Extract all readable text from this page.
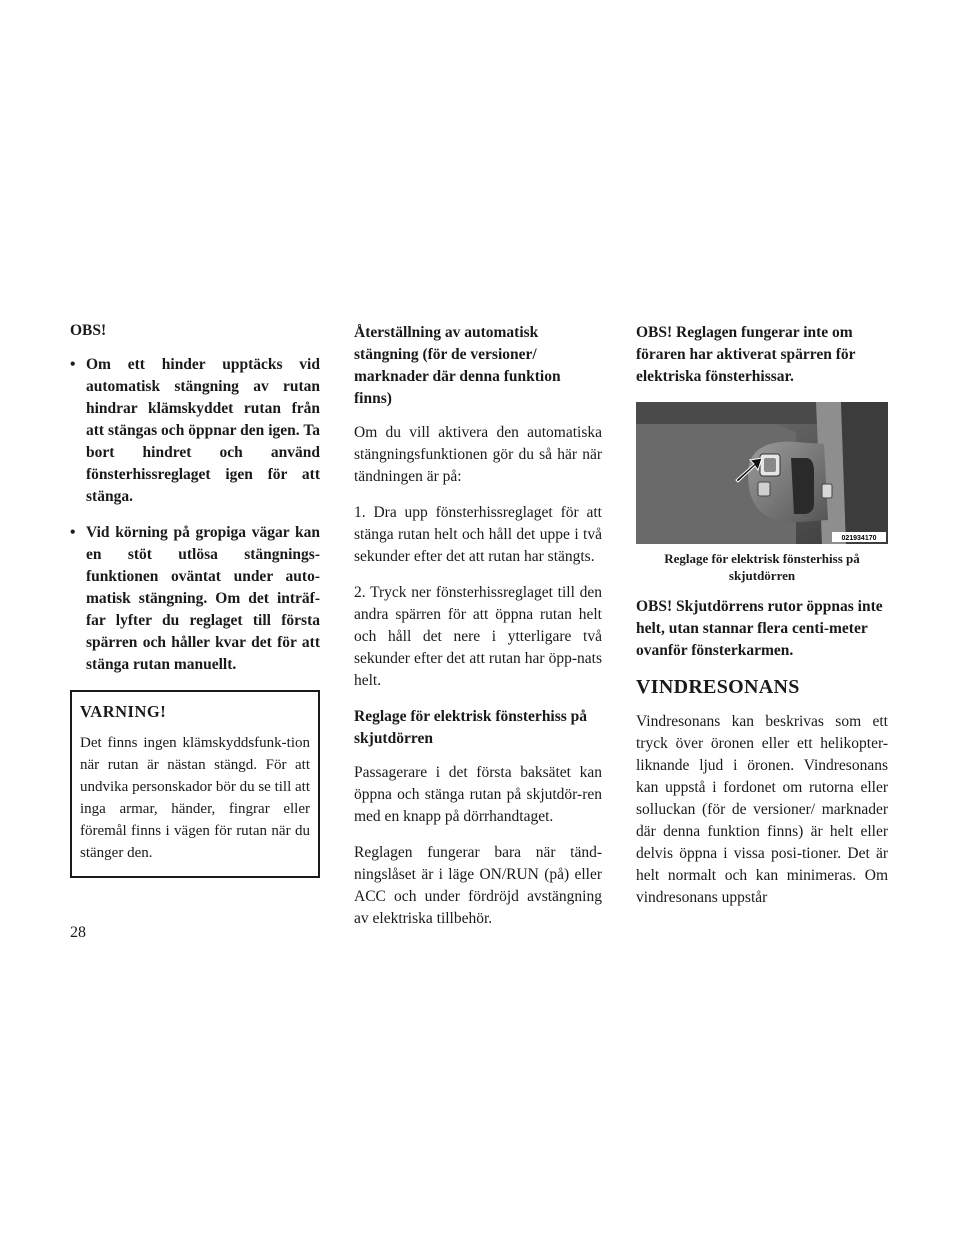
OBS!

• Om ett hinder upptäcks vid automatisk stängning av rutan hindrar klämskyddet rutan från att stängas och öppnar den igen. Ta bort hindret och använd fönsterhissreglaget igen för att stänga.
• Vid körning på gropiga vägar kan en stöt utlösa stängnings-funktionen oväntat under auto-matisk stängning. Om det inträf-far lyfter du reglaget till första spärren och håller kvar det för att stänga rutan manuellt.

VARNING!

Det finns ingen klämskyddsfunk-tion när rutan är nästan stängd. För att undvika personskador bör du se till att inga armar, händer, fingrar eller föremål finns i vägen för rutan när du stänger den.

Återställning av automatisk stängning (för de versioner/ marknader där denna funktion finns)

Om du vill aktivera den automatiska stängningsfunktionen gör du så här när tändningen är på:

1. Dra upp fönsterhissreglaget för att stänga rutan helt och håll det uppe i två sekunder efter det att rutan har stängts.

2. Tryck ner fönsterhissreglaget till den andra spärren för att öppna rutan helt och håll det nere i ytterligare två sekunder efter det att rutan har öpp-nats helt.

Reglage för elektrisk fönsterhiss på skjutdörren

Passagerare i det första baksätet kan öppna och stänga rutan på skjutdör-ren med en knapp på dörrhandtaget.

Reglagen fungerar bara när tänd-ningslåset är i läge ON/RUN (på) eller ACC och under fördröjd avstängning av elektriska tillbehör.

OBS! Reglagen fungerar inte om föraren har aktiverat spärren för elektriska fönsterhissar.

021934170

Reglage för elektrisk fönsterhiss på skjutdörren

OBS! Skjutdörrens rutor öppnas inte helt, utan stannar flera centi-meter ovanför fönsterkarmen.

VINDRESONANS

Vindresonans kan beskrivas som ett tryck över öronen eller ett helikopter-liknande ljud i öronen. Vindresonans kan uppstå i fordonet om rutorna eller solluckan (för de versioner/ marknader där denna funktion finns) är helt eller delvis öppna i vissa posi-tioner. Det är helt normalt och kan minimeras. Om vindresonans uppstår

28
